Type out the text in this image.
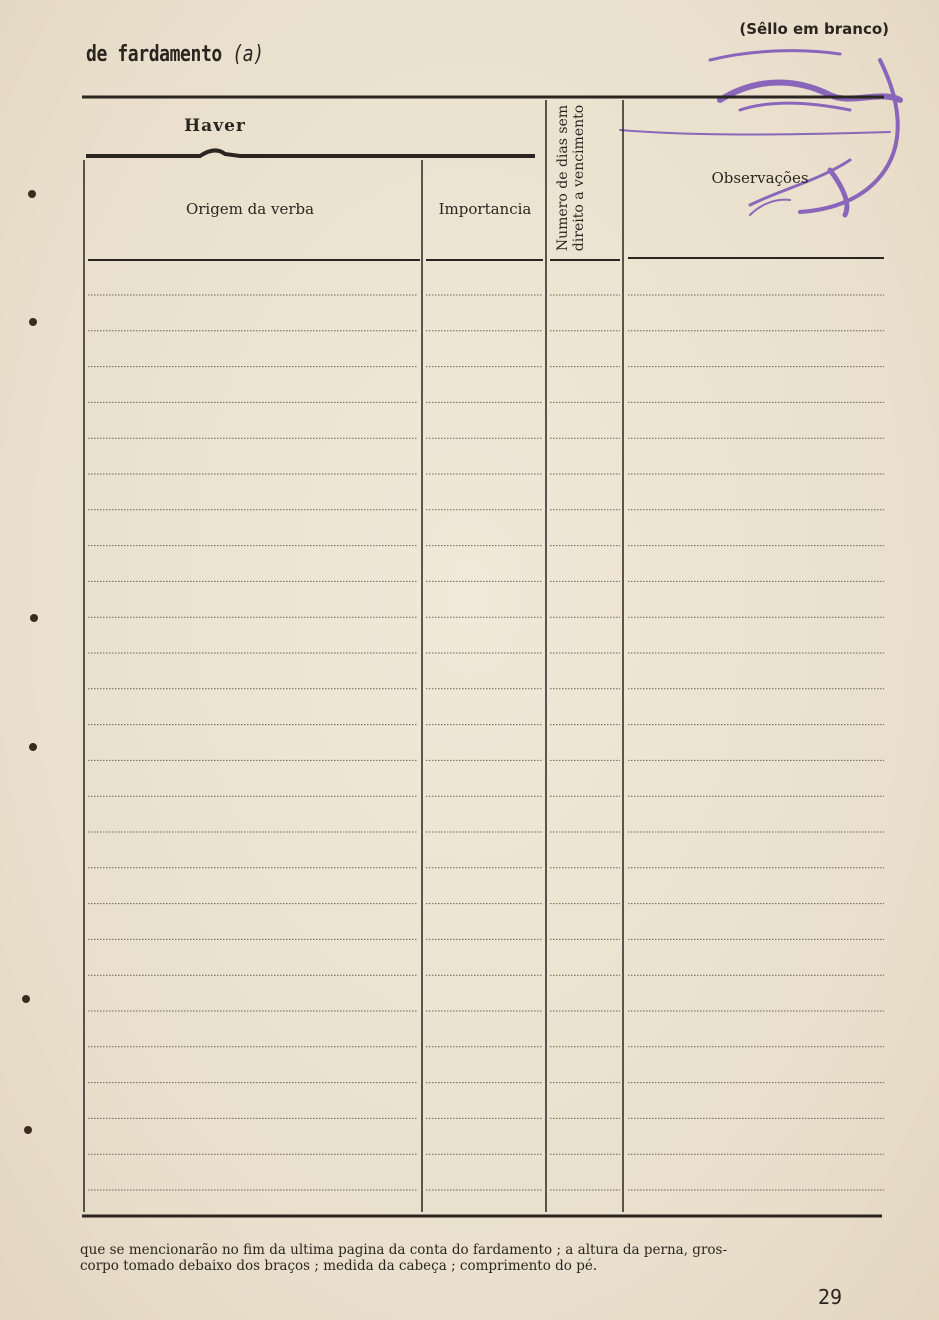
de fardamento (a)
(Sêllo em branco)
Haver
Origem da verba	Importancia	Numero de dias sem direito a vencimento	Observações
que se mencionarão no fim da ultima pagina da conta do fardamento ; a altura da perna, gros-
corpo tomado debaixo dos braços ; medida da cabeça ; comprimento do pé.
29
